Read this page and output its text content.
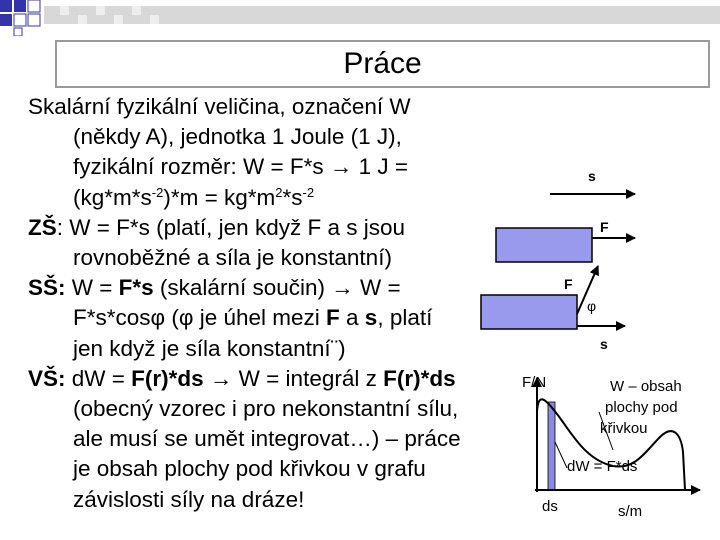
Práce

Skalární fyzikální veličina, označení W
(někdy A), jednotka 1 Joule (1 J),
fyzikální rozměr: W = F*s → 1 J =
$(kg*m*s^{-2})*m = kg*m^2*s^{-2}$

ZŠ: W = F*s (platí, jen když F a s jsou
rovnoběžné a síla je konstantní)

SŠ: W = F*s (skalární součin) → W =
F*s*cosφ (φ je úhel mezi F a s, platí
jen když je síla konstantní¨)

VŠ: dW = F(r)*ds → W = integrál z F(r)*ds
(obecný vzorec i pro nekonstantní sílu,
ale musí se umět integrovat…) – práce
je obsah plochy pod křivkou v grafu
závislosti síly na dráze!

s
F
F
φ
s
F/N
ds	s/m
W – obsah
plochy pod
křivkou
dW = F*ds
